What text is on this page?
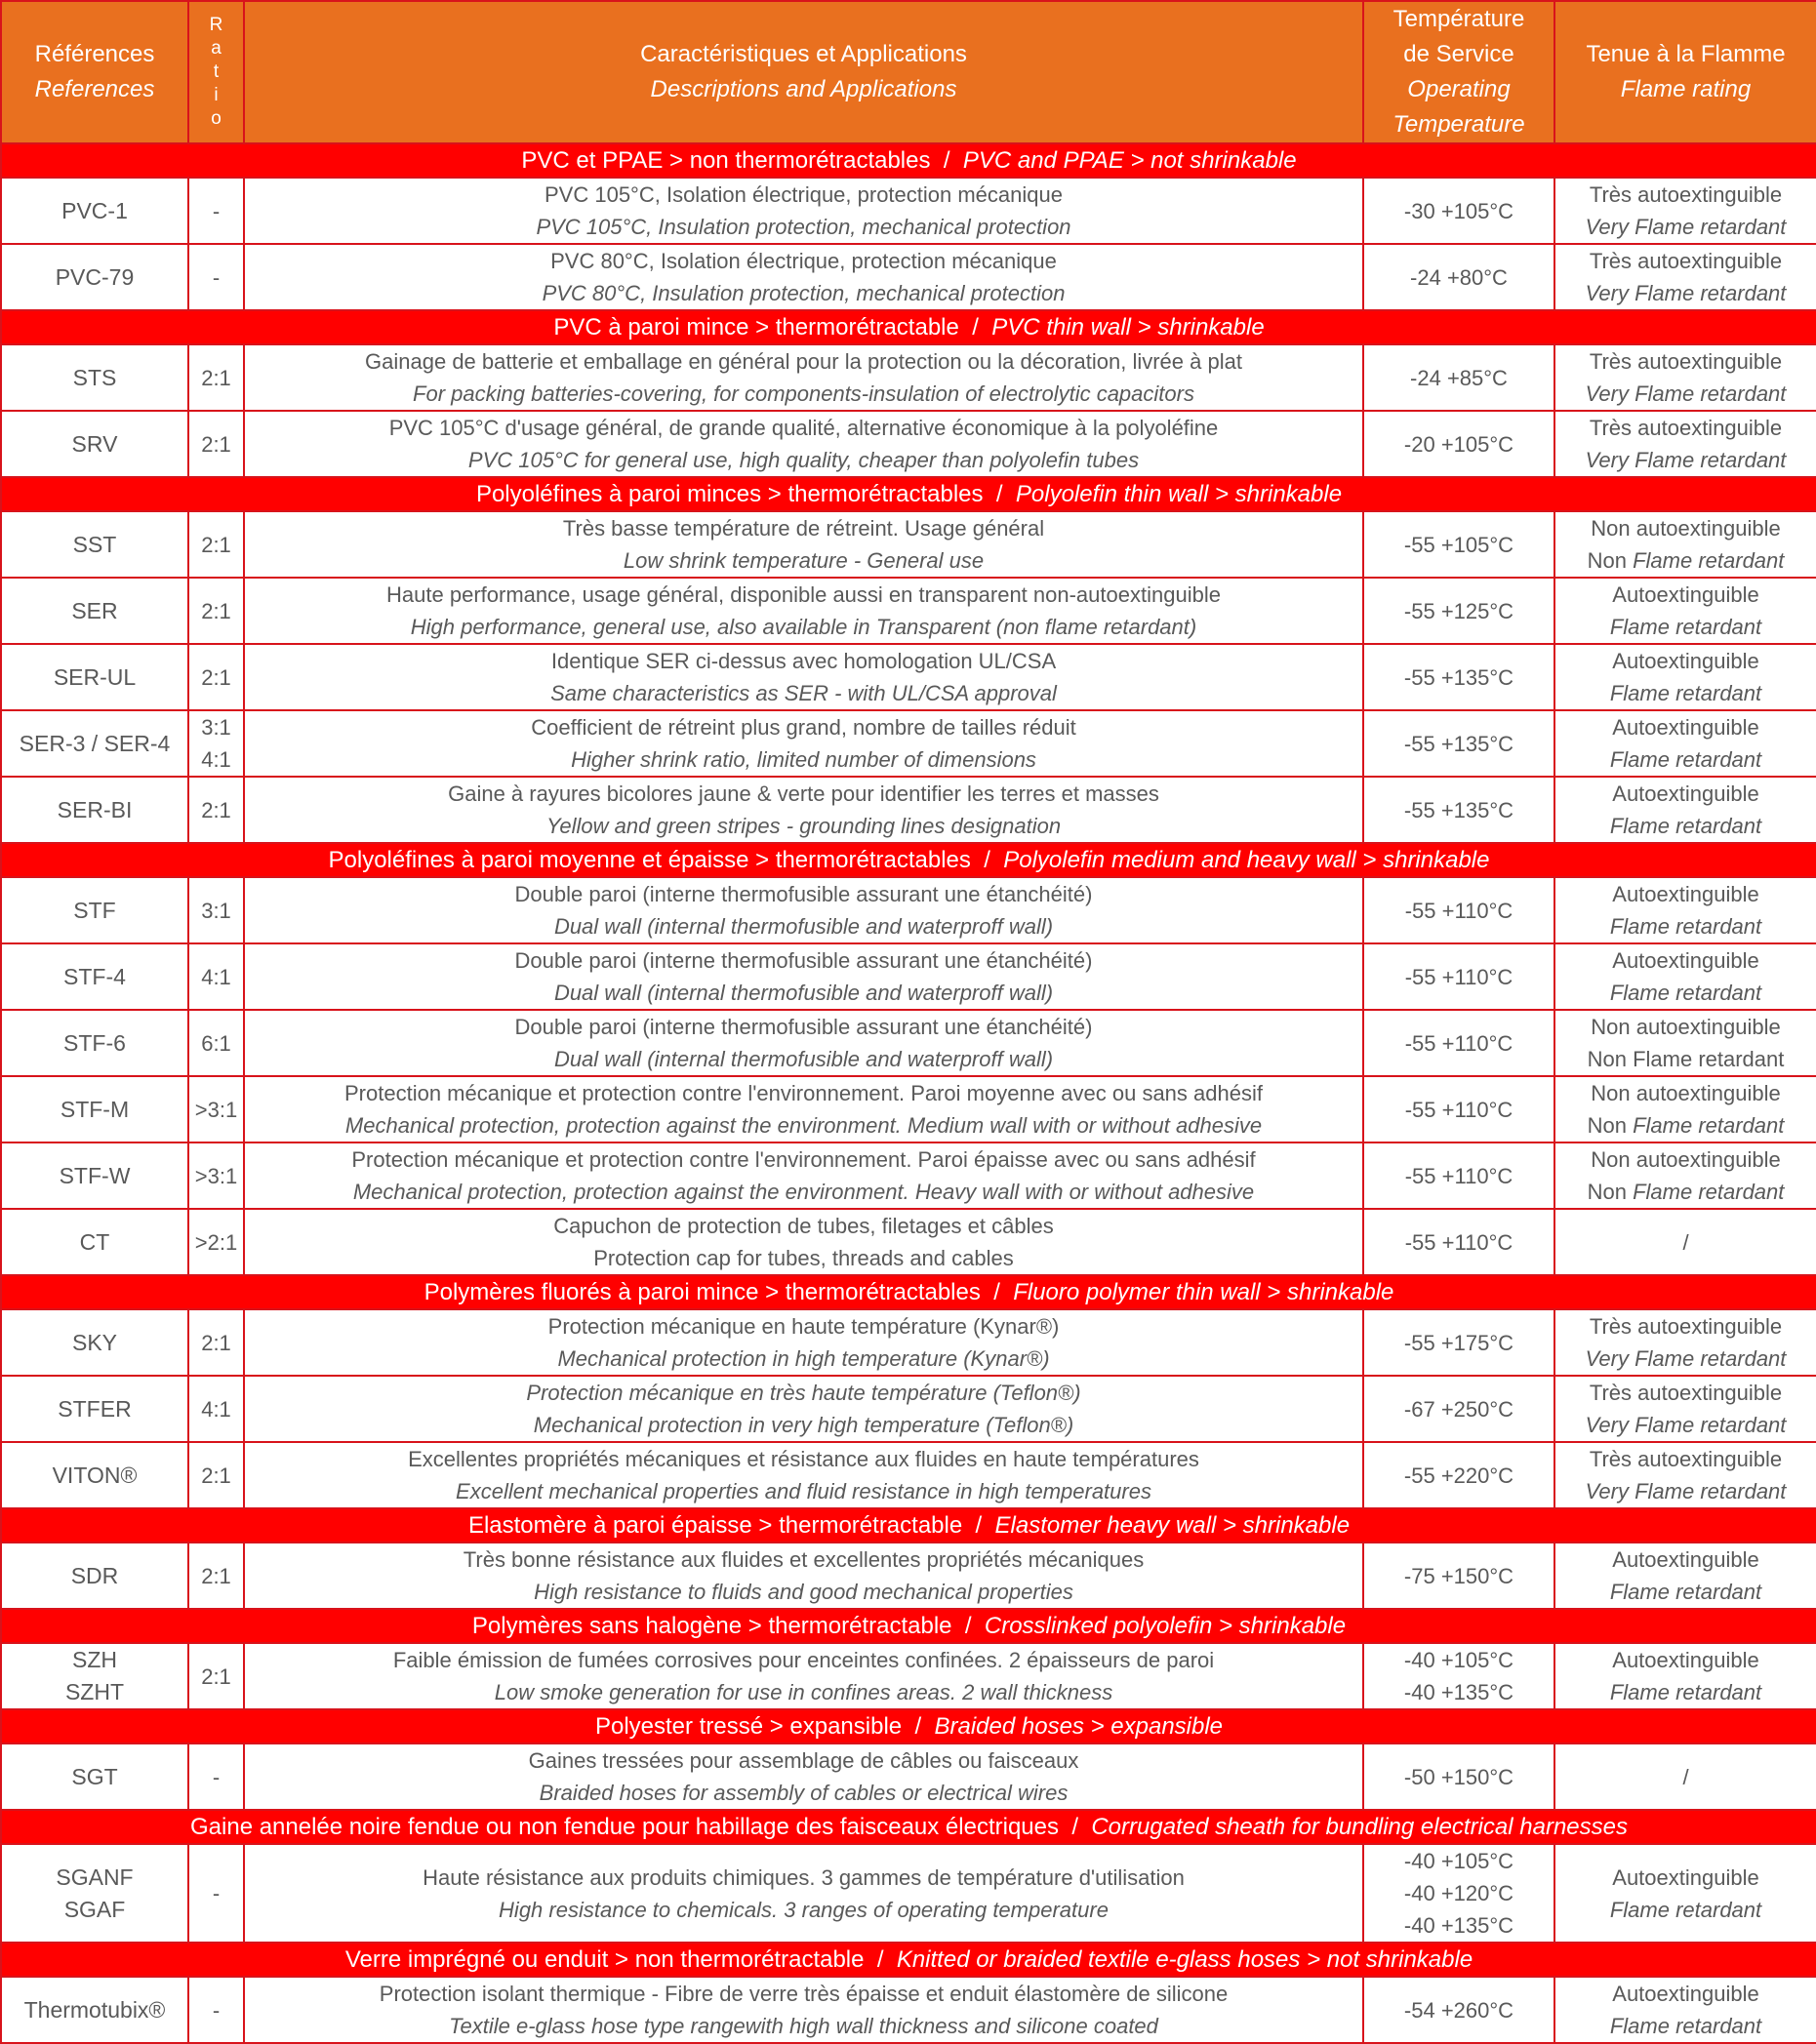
Références
References	R
a
t
i
o	Caractéristiques et Applications
Descriptions and Applications	Température
de Service
Operating
Temperature	Tenue à la Flamme
Flame rating

PVC et PPAE > non thermorétractables  /  PVC and PPAE > not shrinkable				

PVC-1	-	PVC 105°C, Isolation électrique, protection mécanique
PVC 105°C, Insulation protection, mechanical protection	-30 +105°C	Très autoextinguible
Very Flame retardant

PVC-79	-	PVC 80°C, Isolation électrique, protection mécanique
PVC 80°C, Insulation protection, mechanical protection	-24 +80°C	Très autoextinguible
Very Flame retardant

PVC à paroi mince > thermorétractable  /  PVC thin wall > shrinkable				

STS	2:1	Gainage de batterie et emballage en général pour la protection ou la décoration, livrée à plat
For packing batteries-covering, for components-insulation of electrolytic capacitors	-24 +85°C	Très autoextinguible
Very Flame retardant

SRV	2:1	PVC 105°C d'usage général, de grande qualité, alternative économique à la polyoléfine
PVC 105°C for general use, high quality, cheaper than polyolefin tubes	-20 +105°C	Très autoextinguible
Very Flame retardant

Polyoléfines à paroi minces > thermorétractables  /  Polyolefin thin wall > shrinkable				

SST	2:1	Très basse température de rétreint. Usage général
Low shrink temperature - General use	-55 +105°C	Non autoextinguible
Non Flame retardant

SER	2:1	Haute performance, usage général, disponible aussi en transparent non-autoextinguible
High performance, general use, also available in Transparent (non flame retardant)	-55 +125°C	Autoextinguible
Flame retardant

SER-UL	2:1	Identique SER ci-dessus avec homologation UL/CSA
Same characteristics as SER - with UL/CSA approval	-55 +135°C	Autoextinguible
Flame retardant

SER-3 / SER-4	3:1
4:1	Coefficient de rétreint plus grand, nombre de tailles réduit
Higher shrink ratio, limited number of dimensions	-55 +135°C	Autoextinguible
Flame retardant

SER-BI	2:1	Gaine à rayures bicolores jaune & verte pour identifier les terres et masses
Yellow and green stripes - grounding lines designation	-55 +135°C	Autoextinguible
Flame retardant

Polyoléfines à paroi moyenne et épaisse > thermorétractables  /  Polyolefin medium and heavy wall > shrinkable				

STF	3:1	Double paroi (interne thermofusible assurant une étanchéité)
Dual wall (internal thermofusible and waterproff wall)	-55 +110°C	Autoextinguible
Flame retardant

STF-4	4:1	Double paroi (interne thermofusible assurant une étanchéité)
Dual wall (internal thermofusible and waterproff wall)	-55 +110°C	Autoextinguible
Flame retardant

STF-6	6:1	Double paroi (interne thermofusible assurant une étanchéité)
Dual wall (internal thermofusible and waterproff wall)	-55 +110°C	Non autoextinguible
Non Flame retardant

STF-M	>3:1	Protection mécanique et protection contre l'environnement. Paroi moyenne avec ou sans adhésif
Mechanical protection, protection against the environment. Medium wall with or without adhesive	-55 +110°C	Non autoextinguible
Non Flame retardant

STF-W	>3:1	Protection mécanique et protection contre l'environnement. Paroi épaisse avec ou sans adhésif
Mechanical protection, protection against the environment. Heavy wall with or without adhesive	-55 +110°C	Non autoextinguible
Non Flame retardant

CT	>2:1	Capuchon de protection de tubes, filetages et câbles
Protection cap for tubes, threads and cables	-55 +110°C	/

Polymères fluorés à paroi mince > thermorétractables  /  Fluoro polymer thin wall > shrinkable				

SKY	2:1	Protection mécanique en haute température (Kynar®)
Mechanical protection in high temperature (Kynar®)	-55 +175°C	Très autoextinguible
Very Flame retardant

STFER	4:1	Protection mécanique en très haute température (Teflon®)
Mechanical protection in very high temperature (Teflon®)	-67 +250°C	Très autoextinguible
Very Flame retardant

VITON®	2:1	Excellentes propriétés mécaniques et résistance aux fluides en haute températures
Excellent mechanical properties and fluid resistance in high temperatures	-55 +220°C	Très autoextinguible
Very Flame retardant

Elastomère à paroi épaisse > thermorétractable  /  Elastomer heavy wall > shrinkable				

SDR	2:1	Très bonne résistance aux fluides et excellentes propriétés mécaniques
High resistance to fluids and good mechanical properties	-75 +150°C	Autoextinguible
Flame retardant

Polymères sans halogène > thermorétractable  /  Crosslinked polyolefin > shrinkable				

SZH
SZHT	2:1	Faible émission de fumées corrosives pour enceintes confinées. 2 épaisseurs de paroi
Low smoke generation for use in confines areas. 2 wall thickness	-40 +105°C
-40 +135°C	Autoextinguible
Flame retardant

Polyester tressé > expansible  /  Braided hoses > expansible				

SGT	-	Gaines tressées pour assemblage de câbles ou faisceaux
Braided hoses for assembly of cables or electrical wires	-50 +150°C	/

Gaine annelée noire fendue ou non fendue pour habillage des faisceaux électriques  /  Corrugated sheath for bundling electrical harnesses				

SGANF
SGAF	-	Haute résistance aux produits chimiques. 3 gammes de température d'utilisation
High resistance to chemicals. 3 ranges of operating temperature	-40 +105°C
-40 +120°C
-40 +135°C	Autoextinguible
Flame retardant

Verre imprégné ou enduit > non thermorétractable  /  Knitted or braided textile e-glass hoses > not shrinkable				

Thermotubix®	-	Protection isolant thermique - Fibre de verre très épaisse et enduit élastomère de silicone
Textile e-glass hose type rangewith high wall thickness and silicone coated	-54 +260°C	Autoextinguible
Flame retardant
